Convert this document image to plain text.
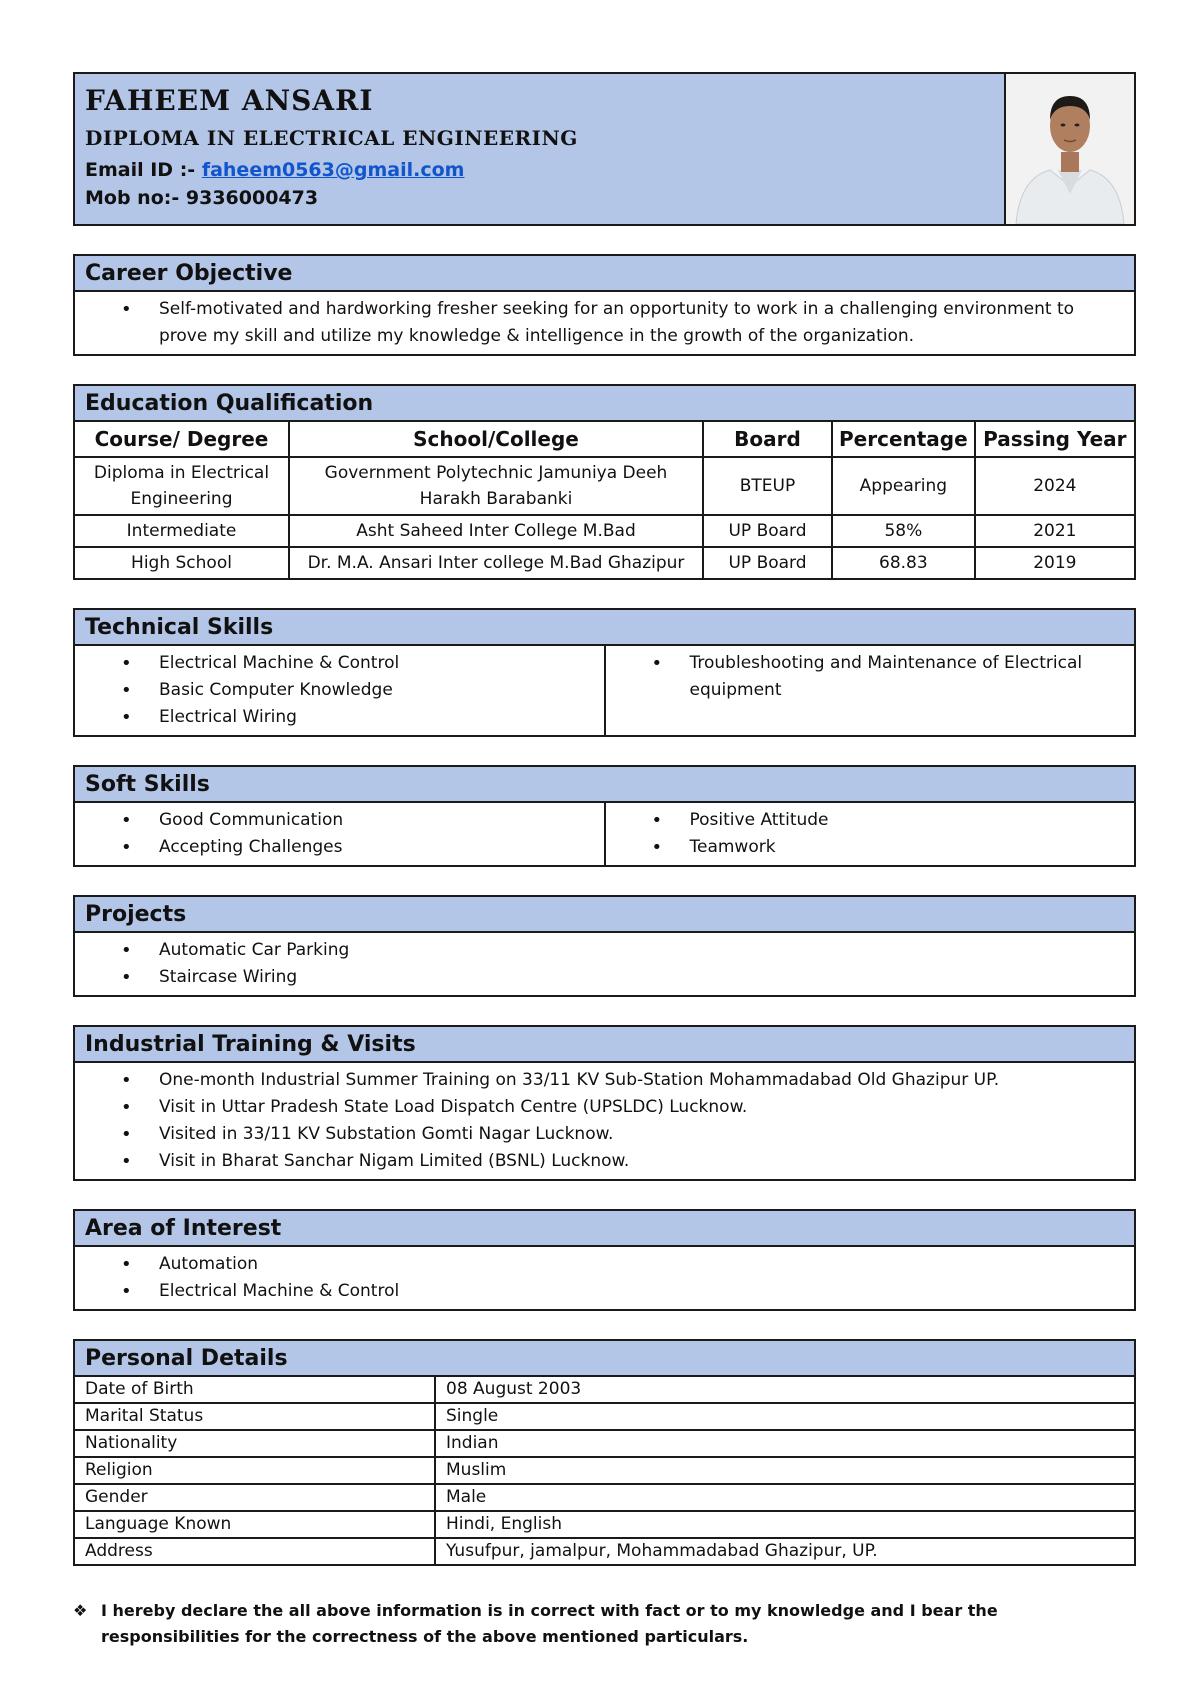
FAHEEM ANSARI
DIPLOMA IN ELECTRICAL ENGINEERING
Email ID :- faheem0563@gmail.com
Mob no:- 9336000473
Career Objective
• Self-motivated and hardworking fresher seeking for an opportunity to work in a challenging environment to prove my skill and utilize my knowledge & intelligence in the growth of the organization.
Education Qualification
Course/ Degree	School/College	Board	Percentage	Passing Year
Diploma in Electrical Engineering	Government Polytechnic Jamuniya Deeh Harakh Barabanki	BTEUP	Appearing	2024
Intermediate	Asht Saheed Inter College M.Bad	UP Board	58%	2021
High School	Dr. M.A. Ansari Inter college M.Bad Ghazipur	UP Board	68.83	2019
Technical Skills
• Electrical Machine & Control
• Basic Computer Knowledge
• Electrical Wiring
• Troubleshooting and Maintenance of Electrical equipment
Soft Skills
• Good Communication
• Accepting Challenges
• Positive Attitude
• Teamwork
Projects
• Automatic Car Parking
• Staircase Wiring
Industrial Training & Visits
• One-month Industrial Summer Training on 33/11 KV Sub-Station Mohammadabad Old Ghazipur UP.
• Visit in Uttar Pradesh State Load Dispatch Centre (UPSLDC) Lucknow.
• Visited in 33/11 KV Substation Gomti Nagar Lucknow.
• Visit in Bharat Sanchar Nigam Limited (BSNL) Lucknow.
Area of Interest
• Automation
• Electrical Machine & Control
Personal Details
Date of Birth	08 August 2003
Marital Status	Single
Nationality	Indian
Religion	Muslim
Gender	Male
Language Known	Hindi, English
Address	Yusufpur, jamalpur, Mohammadabad Ghazipur, UP.
❖ I hereby declare the all above information is in correct with fact or to my knowledge and I bear the responsibilities for the correctness of the above mentioned particulars.
